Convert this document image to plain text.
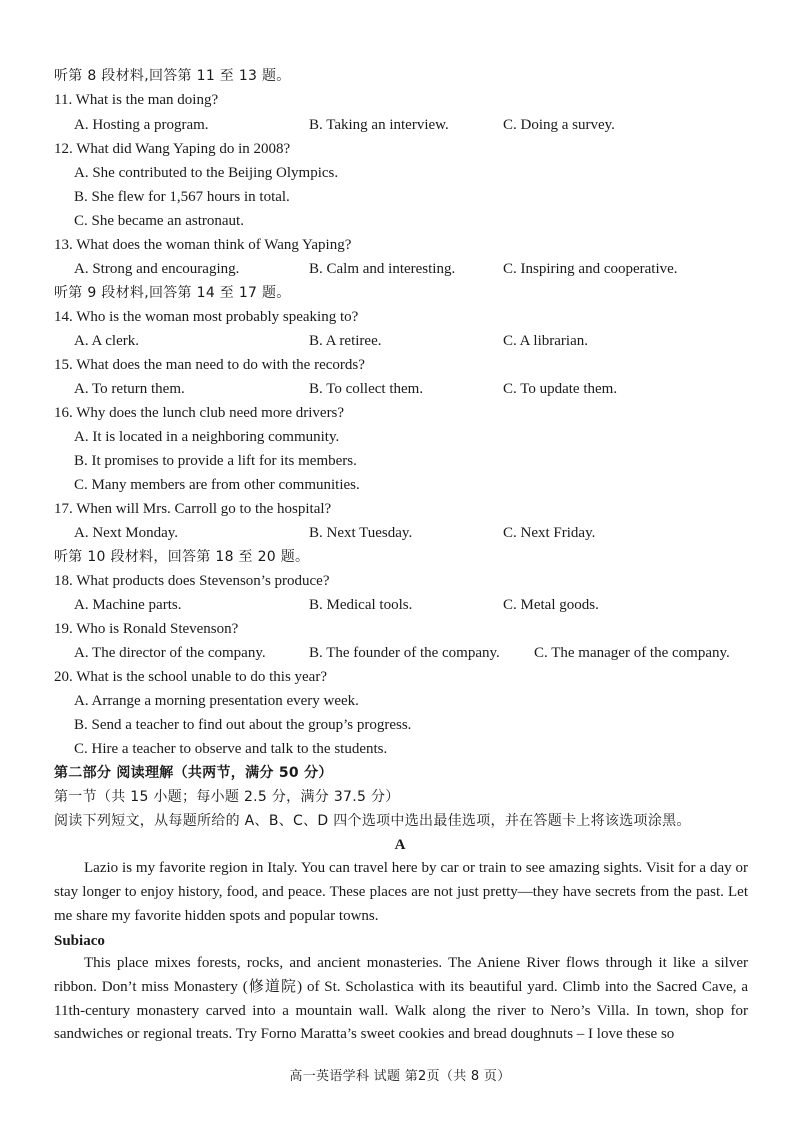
听第 8 段材料,回答第 11 至 13 题。
11. What is the man doing?
A. Hosting a program.	B. Taking an interview.	C. Doing a survey.
12. What did Wang Yaping do in 2008?
A. She contributed to the Beijing Olympics.
B. She flew for 1,567 hours in total.
C. She became an astronaut.
13. What does the woman think of Wang Yaping?
A. Strong and encouraging.	B. Calm and interesting.	C. Inspiring and cooperative.
听第 9 段材料,回答第 14 至 17 题。
14. Who is the woman most probably speaking to?
A. A clerk.	B. A retiree.	C. A librarian.
15. What does the man need to do with the records?
A. To return them.	B. To collect them.	C. To update them.
16. Why does the lunch club need more drivers?
A. It is located in a neighboring community.
B. It promises to provide a lift for its members.
C. Many members are from other communities.
17. When will Mrs. Carroll go to the hospital?
A. Next Monday.	B. Next Tuesday.	C. Next Friday.
听第 10 段材料，回答第 18 至 20 题。
18. What products does Stevenson’s produce?
A. Machine parts.	B. Medical tools.	C. Metal goods.
19. Who is Ronald Stevenson?
A. The director of the company.	B. The founder of the company. C. The manager of the company.
20. What is the school unable to do this year?
A. Arrange a morning presentation every week.
B. Send a teacher to find out about the group’s progress.
C. Hire a teacher to observe and talk to the students.
第二部分 阅读理解（共两节，满分 50 分）
第一节（共 15 小题；每小题 2.5 分，满分 37.5 分）
阅读下列短文，从每题所给的 A、B、C、D 四个选项中选出最佳选项，并在答题卡上将该选项涂黑。
A
Lazio is my favorite region in Italy. You can travel here by car or train to see amazing sights. Visit for a day or stay longer to enjoy history, food, and peace. These places are not just pretty—they have secrets from the past. Let me share my favorite hidden spots and popular towns.
Subiaco
This place mixes forests, rocks, and ancient monasteries. The Aniene River flows through it like a silver ribbon. Don’t miss Monastery (修道院) of St. Scholastica with its beautiful yard. Climb into the Sacred Cave, a 11th-century monastery carved into a mountain wall. Walk along the river to Nero’s Villa. In town, shop for sandwiches or regional treats. Try Forno Maratta’s sweet cookies and bread doughnuts – I love these so
高一英语学科 试题 第2页（共 8 页）
